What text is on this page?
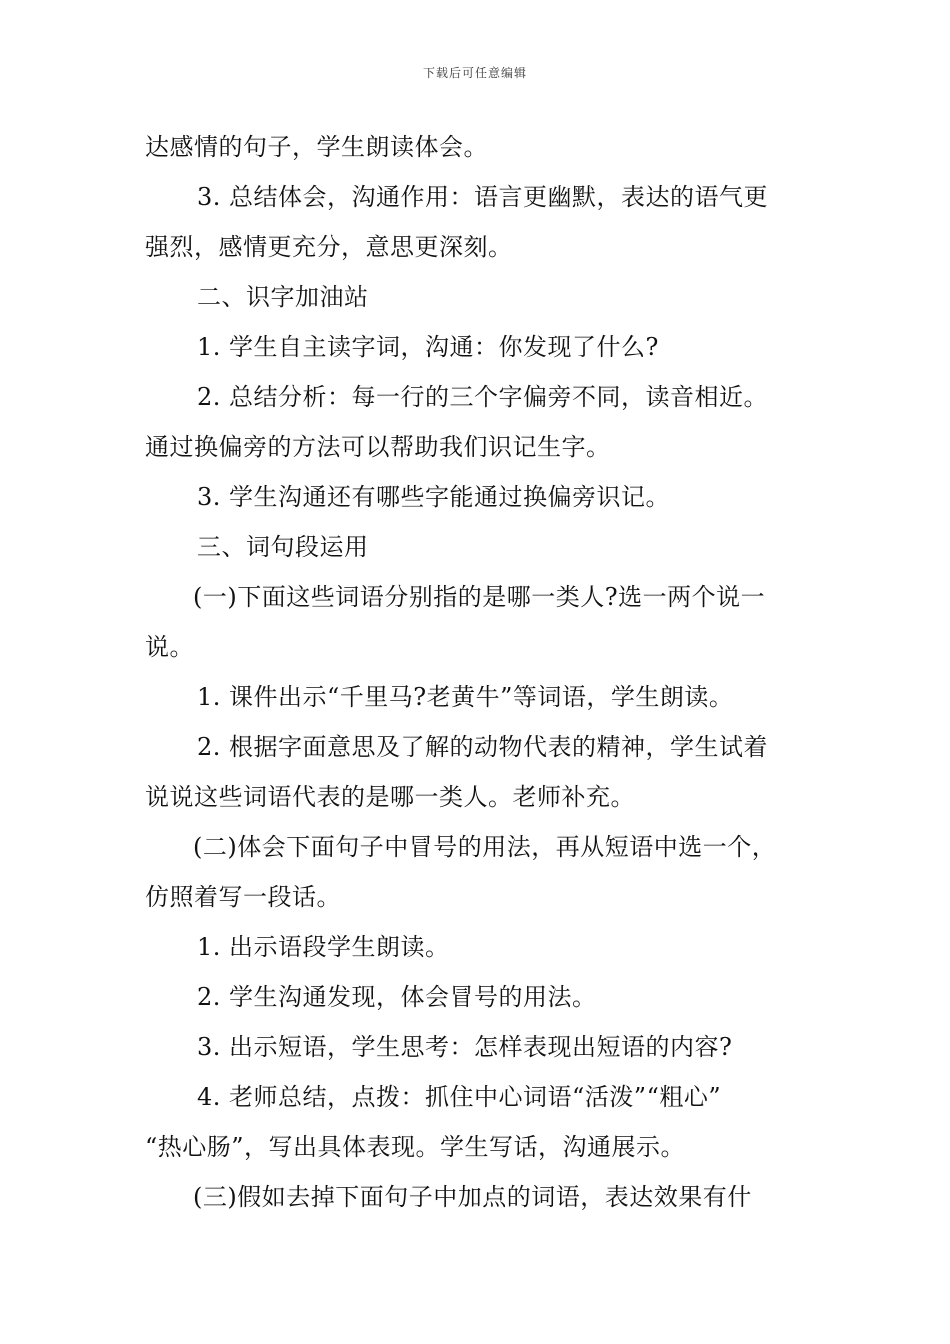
下载后可任意编辑
达感情的句子，学生朗读体会。
3. 总结体会，沟通作用：语言更幽默，表达的语气更
强烈，感情更充分，意思更深刻。
二、识字加油站
1. 学生自主读字词，沟通：你发现了什么?
2. 总结分析：每一行的三个字偏旁不同，读音相近。
通过换偏旁的方法可以帮助我们识记生字。
3. 学生沟通还有哪些字能通过换偏旁识记。
三、词句段运用
(一)下面这些词语分别指的是哪一类人?选一两个说一
说。
1. 课件出示“千里马?老黄牛”等词语，学生朗读。
2. 根据字面意思及了解的动物代表的精神，学生试着
说说这些词语代表的是哪一类人。老师补充。
(二)体会下面句子中冒号的用法，再从短语中选一个，
仿照着写一段话。
1. 出示语段学生朗读。
2. 学生沟通发现，体会冒号的用法。
3. 出示短语，学生思考：怎样表现出短语的内容?
4. 老师总结，点拨：抓住中心词语“活泼”“粗心”
“热心肠”，写出具体表现。学生写话，沟通展示。
(三)假如去掉下面句子中加点的词语，表达效果有什
